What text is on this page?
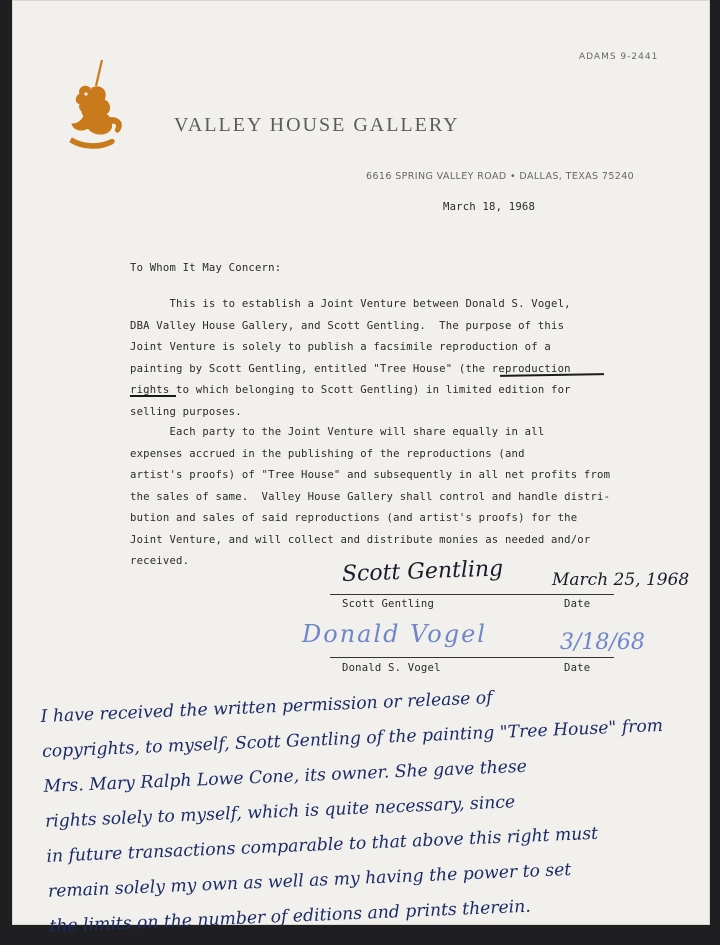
ADAMS 9-2441
VALLEY HOUSE GALLERY
6616 SPRING VALLEY ROAD • DALLAS, TEXAS 75240
March 18, 1968
To Whom It May Concern:
This is to establish a Joint Venture between Donald S. Vogel,
DBA Valley House Gallery, and Scott Gentling.  The purpose of this
Joint Venture is solely to publish a facsimile reproduction of a
painting by Scott Gentling, entitled "Tree House" (the reproduction
rights to which belonging to Scott Gentling) in limited edition for
selling purposes.
Each party to the Joint Venture will share equally in all
expenses accrued in the publishing of the reproductions (and
artist's proofs) of "Tree House" and subsequently in all net profits from
the sales of same.  Valley House Gallery shall control and handle distri-
bution and sales of said reproductions (and artist's proofs) for the
Joint Venture, and will collect and distribute monies as needed and/or
received.	Scott Gentling	March 25, 1968
Scott Gentling	Date
Donald Vogel	3/18/68
Donald S. Vogel	Date
I have received the written permission or release of
copyrights, to myself, Scott Gentling of the painting "Tree House" from
Mrs. Mary Ralph Lowe Cone, its owner. She gave these
rights solely to myself, which is quite necessary, since
in future transactions comparable to that above this right must
remain solely my own as well as my having the power to set
the limits on the number of editions and prints therein.
